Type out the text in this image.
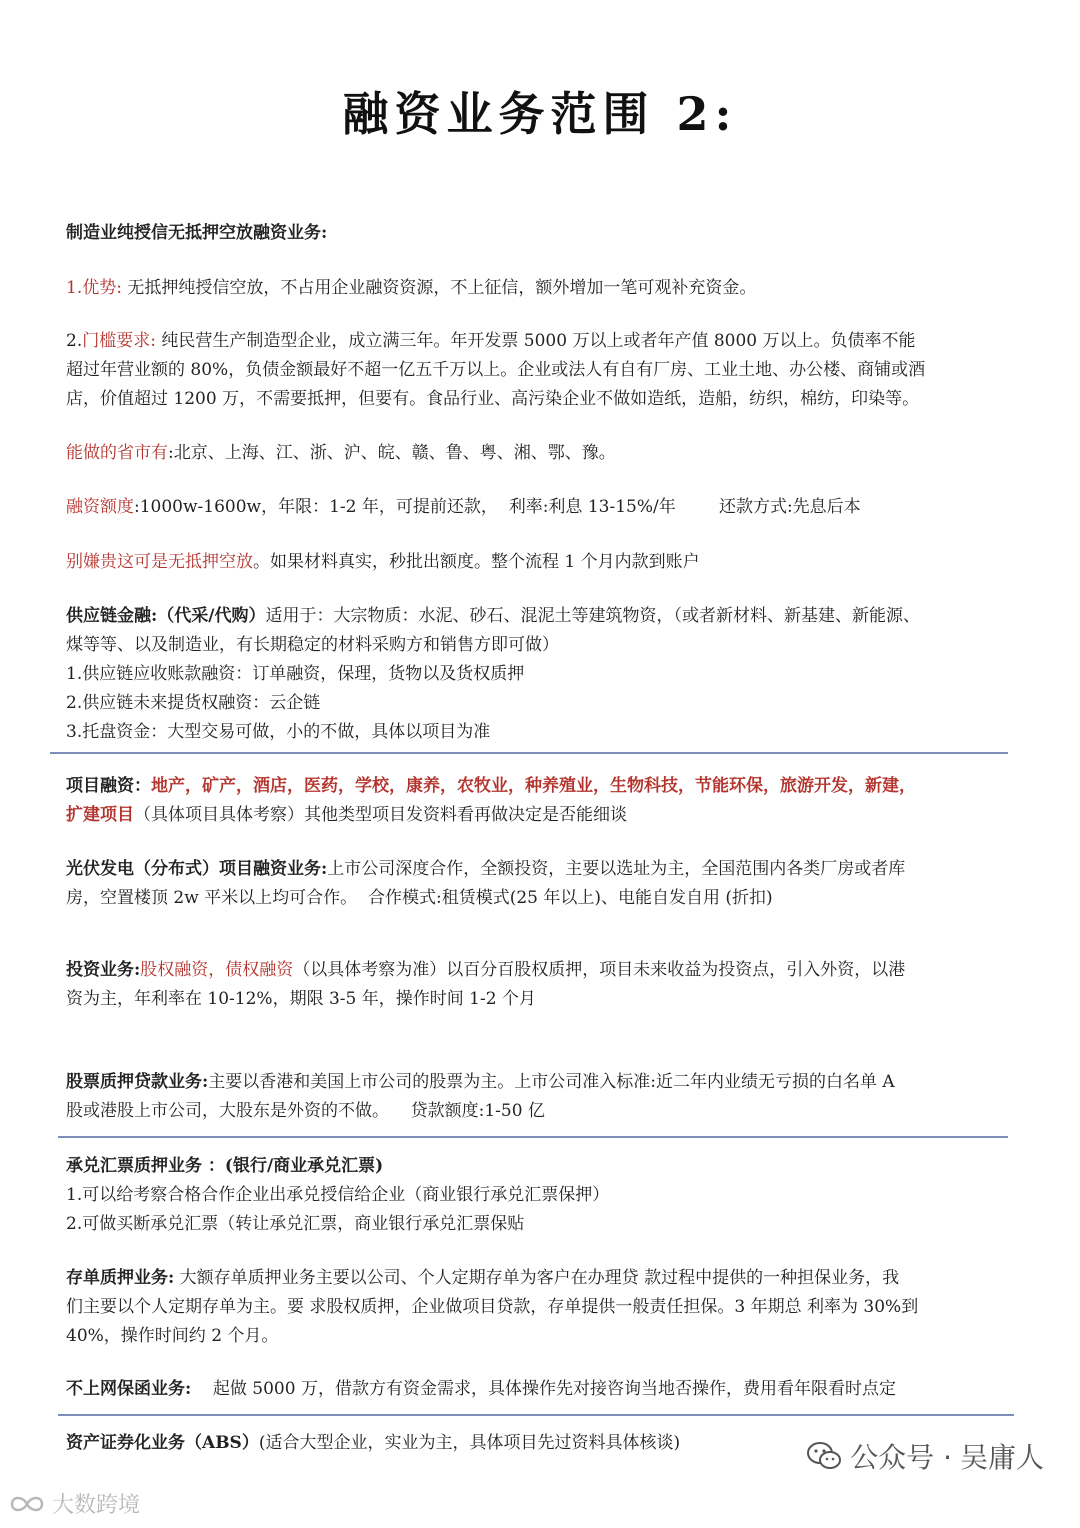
融资业务范围 2:
制造业纯授信无抵押空放融资业务:
1.优势: 无抵押纯授信空放，不占用企业融资资源，不上征信，额外增加一笔可观补充资金。
2.门槛要求: 纯民营生产制造型企业，成立满三年。年开发票 5000 万以上或者年产值 8000 万以上。负债率不能
超过年营业额的 80%，负债金额最好不超一亿五千万以上。企业或法人有自有厂房、工业土地、办公楼、商铺或酒
店，价值超过 1200 万，不需要抵押，但要有。食品行业、高污染企业不做如造纸，造船，纺织，棉纺，印染等。
能做的省市有:北京、上海、江、浙、沪、皖、赣、鲁、粤、湘、鄂、豫。
融资额度:1000w-1600w，年限：1-2 年，可提前还款，  利率:利息 13-15%/年        还款方式:先息后本
别嫌贵这可是无抵押空放。如果材料真实，秒批出额度。整个流程 1 个月内款到账户
供应链金融:（代采/代购）适用于：大宗物质：水泥、砂石、混泥土等建筑物资，（或者新材料、新基建、新能源、
煤等等、以及制造业，有长期稳定的材料采购方和销售方即可做）
1.供应链应收账款融资：订单融资，保理，货物以及货权质押
2.供应链未来提货权融资：云企链
3.托盘资金：大型交易可做，小的不做，具体以项目为准
项目融资：地产，矿产，酒店，医药，学校，康养，农牧业，种养殖业，生物科技，节能环保，旅游开发，新建，
扩建项目（具体项目具体考察）其他类型项目发资料看再做决定是否能细谈
光伏发电（分布式）项目融资业务:上市公司深度合作，全额投资，主要以选址为主，全国范围内各类厂房或者库
房，空置楼顶 2w 平米以上均可合作。  合作模式:租赁模式(25 年以上)、电能自发自用 (折扣)
投资业务:股权融资，债权融资（以具体考察为准）以百分百股权质押，项目未来收益为投资点，引入外资，以港
资为主，年利率在 10-12%，期限 3-5 年，操作时间 1-2 个月
股票质押贷款业务:主要以香港和美国上市公司的股票为主。上市公司准入标准:近二年内业绩无亏损的白名单 A
股或港股上市公司，大股东是外资的不做。    贷款额度:1-50 亿
承兑汇票质押业务 ：(银行/商业承兑汇票)
1.可以给考察合格合作企业出承兑授信给企业（商业银行承兑汇票保押）
2.可做买断承兑汇票（转让承兑汇票，商业银行承兑汇票保贴
存单质押业务: 大额存单质押业务主要以公司、个人定期存单为客户在办理贷 款过程中提供的一种担保业务，我
们主要以个人定期存单为主。要 求股权质押，企业做项目贷款，存单提供一般责任担保。3 年期总 利率为 30%到
40%，操作时间约 2 个月。
不上网保函业务:    起做 5000 万，借款方有资金需求，具体操作先对接咨询当地否操作，费用看年限看时点定
资产证券化业务（ABS）(适合大型企业，实业为主，具体项目先过资料具体核谈)	公众号 · 吴庸人
大数跨境
